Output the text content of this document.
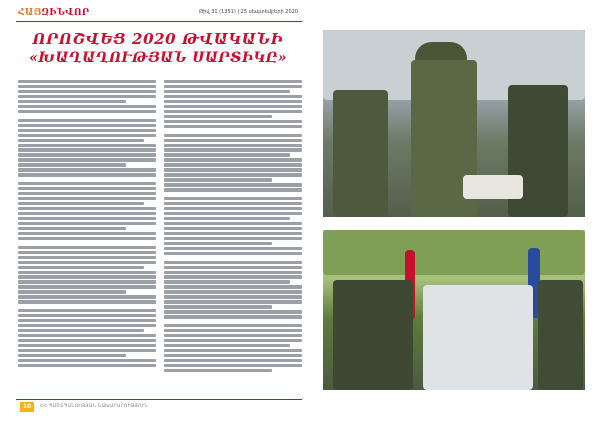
ՀԱՅԶԻՆՎՈՐ	Թիվ 31 (1351) | 25 սեպտեմբերի 2020
ՈՐՈՇՎԵՑ 2020 ԹՎԱԿԱՆԻ
«ԽԱՂԱՂՈՒԹՅԱՆ ՍԱՐՏԻԿԸ»
10	ՀՀ ՊԱՇՏՊԱՆՈՒԹՅԱՆ ՆԱԽԱՐԱՐՈՒԹՅՈՒՆ
